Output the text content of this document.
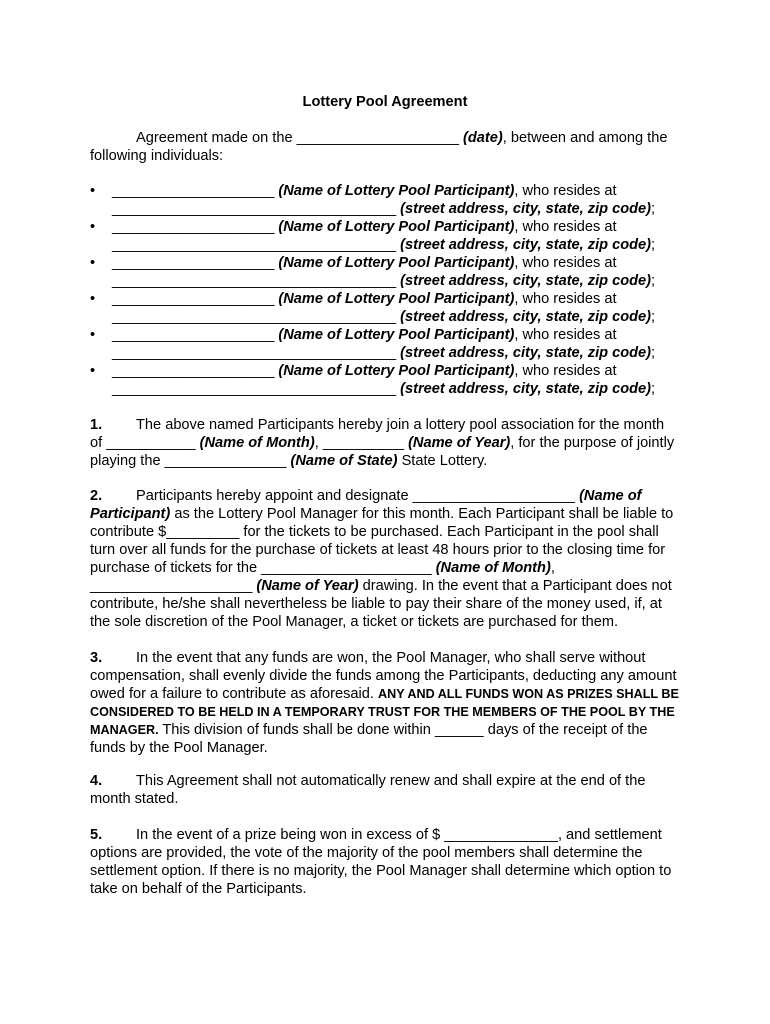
Lottery Pool Agreement
Agreement made on the ____________________ (date), between and among the following individuals:
• ____________________ (Name of Lottery Pool Participant), who resides at
___________________________________ (street address, city, state, zip code);
• ____________________ (Name of Lottery Pool Participant), who resides at
___________________________________ (street address, city, state, zip code);
• ____________________ (Name of Lottery Pool Participant), who resides at
___________________________________ (street address, city, state, zip code);
• ____________________ (Name of Lottery Pool Participant), who resides at
___________________________________ (street address, city, state, zip code);
• ____________________ (Name of Lottery Pool Participant), who resides at
___________________________________ (street address, city, state, zip code);
• ____________________ (Name of Lottery Pool Participant), who resides at
___________________________________ (street address, city, state, zip code);
1. The above named Participants hereby join a lottery pool association for the month of ___________ (Name of Month), __________ (Name of Year), for the purpose of jointly playing the _______________ (Name of State) State Lottery.
2. Participants hereby appoint and designate ____________________ (Name of Participant) as the Lottery Pool Manager for this month. Each Participant shall be liable to contribute $_________ for the tickets to be purchased. Each Participant in the pool shall turn over all funds for the purchase of tickets at least 48 hours prior to the closing time for purchase of tickets for the _____________________ (Name of Month), ____________________ (Name of Year) drawing. In the event that a Participant does not contribute, he/she shall nevertheless be liable to pay their share of the money used, if, at the sole discretion of the Pool Manager, a ticket or tickets are purchased for them.
3. In the event that any funds are won, the Pool Manager, who shall serve without compensation, shall evenly divide the funds among the Participants, deducting any amount owed for a failure to contribute as aforesaid. ANY AND ALL FUNDS WON AS PRIZES SHALL BE CONSIDERED TO BE HELD IN A TEMPORARY TRUST FOR THE MEMBERS OF THE POOL BY THE MANAGER. This division of funds shall be done within ______ days of the receipt of the funds by the Pool Manager.
4. This Agreement shall not automatically renew and shall expire at the end of the month stated.
5. In the event of a prize being won in excess of $ ______________, and settlement options are provided, the vote of the majority of the pool members shall determine the settlement option. If there is no majority, the Pool Manager shall determine which option to take on behalf of the Participants.
